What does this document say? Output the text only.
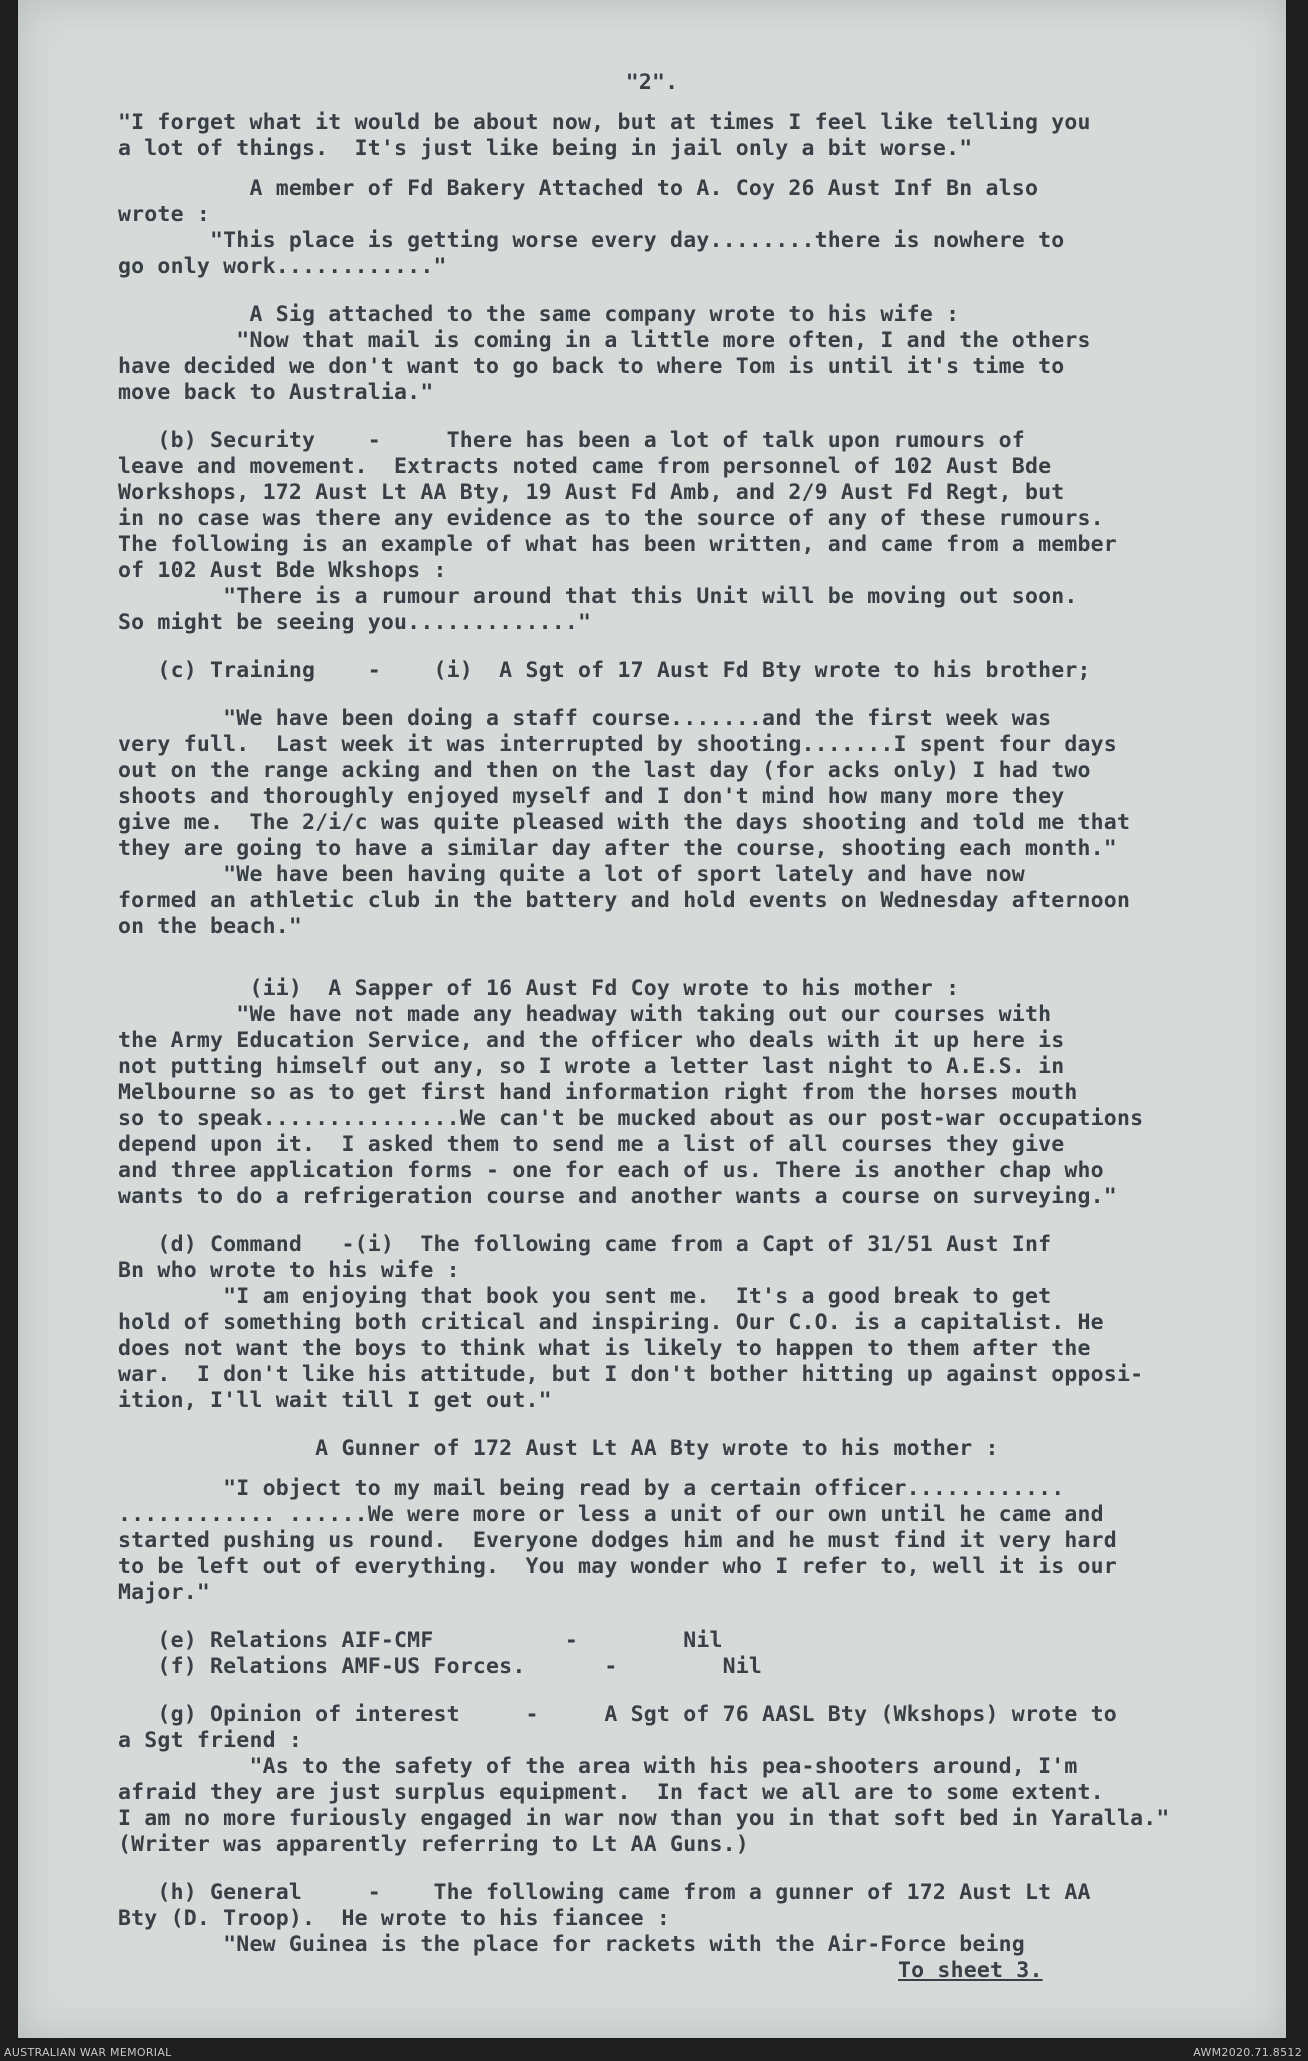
"2".
"I forget what it would be about now, but at times I feel like telling you
a lot of things.  It's just like being in jail only a bit worse."
A member of Fd Bakery Attached to A. Coy 26 Aust Inf Bn also
wrote :
"This place is getting worse every day........there is nowhere to
go only work............"
A Sig attached to the same company wrote to his wife :
"Now that mail is coming in a little more often, I and the others
have decided we don't want to go back to where Tom is until it's time to
move back to Australia."
(b) Security    -     There has been a lot of talk upon rumours of
leave and movement.  Extracts noted came from personnel of 102 Aust Bde
Workshops, 172 Aust Lt AA Bty, 19 Aust Fd Amb, and 2/9 Aust Fd Regt, but
in no case was there any evidence as to the source of any of these rumours.
The following is an example of what has been written, and came from a member
of 102 Aust Bde Wkshops :
"There is a rumour around that this Unit will be moving out soon.
So might be seeing you............."
(c) Training    -    (i)  A Sgt of 17 Aust Fd Bty wrote to his brother;
"We have been doing a staff course.......and the first week was
very full.  Last week it was interrupted by shooting.......I spent four days
out on the range acking and then on the last day (for acks only) I had two
shoots and thoroughly enjoyed myself and I don't mind how many more they
give me.  The 2/i/c was quite pleased with the days shooting and told me that
they are going to have a similar day after the course, shooting each month."
"We have been having quite a lot of sport lately and have now
formed an athletic club in the battery and hold events on Wednesday afternoon
on the beach."
(ii)  A Sapper of 16 Aust Fd Coy wrote to his mother :
"We have not made any headway with taking out our courses with
the Army Education Service, and the officer who deals with it up here is
not putting himself out any, so I wrote a letter last night to A.E.S. in
Melbourne so as to get first hand information right from the horses mouth
so to speak...............We can't be mucked about as our post-war occupations
depend upon it.  I asked them to send me a list of all courses they give
and three application forms - one for each of us. There is another chap who
wants to do a refrigeration course and another wants a course on surveying."
(d) Command   -(i)  The following came from a Capt of 31/51 Aust Inf
Bn who wrote to his wife :
"I am enjoying that book you sent me.  It's a good break to get
hold of something both critical and inspiring. Our C.O. is a capitalist. He
does not want the boys to think what is likely to happen to them after the
war.  I don't like his attitude, but I don't bother hitting up against opposi-
ition, I'll wait till I get out."
A Gunner of 172 Aust Lt AA Bty wrote to his mother :
"I object to my mail being read by a certain officer............
............ ......We were more or less a unit of our own until he came and
started pushing us round.  Everyone dodges him and he must find it very hard
to be left out of everything.  You may wonder who I refer to, well it is our
Major."
(e) Relations AIF-CMF          -        Nil
(f) Relations AMF-US Forces.      -        Nil
(g) Opinion of interest     -     A Sgt of 76 AASL Bty (Wkshops) wrote to
a Sgt friend :
"As to the safety of the area with his pea-shooters around, I'm
afraid they are just surplus equipment.  In fact we all are to some extent.
I am no more furiously engaged in war now than you in that soft bed in Yaralla."
(Writer was apparently referring to Lt AA Guns.)
(h) General     -    The following came from a gunner of 172 Aust Lt AA
Bty (D. Troop).  He wrote to his fiancee :
"New Guinea is the place for rackets with the Air-Force being
To sheet 3.
AUSTRALIAN WAR MEMORIAL	AWM2020.71.8512
